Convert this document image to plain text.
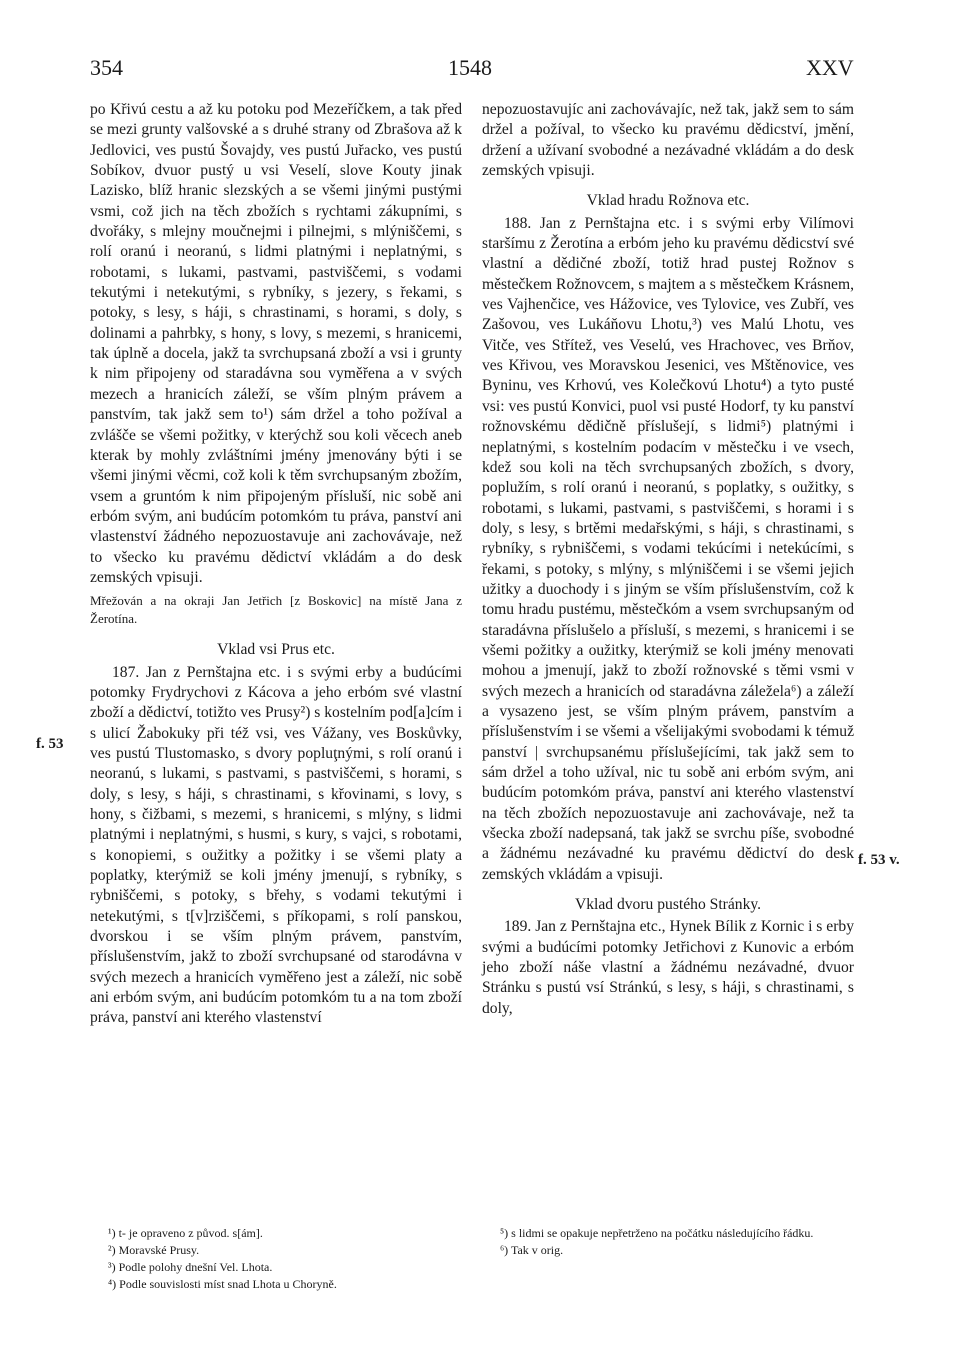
354	1548	XXV

po Křivú cestu a až ku potoku pod Mezeříčkem, a tak před se mezi grunty valšovské a s druhé strany od Zbrašova až k Jedlovici, ves pustú Šovajdy, ves pustú Juřacko, ves pustú Sobíkov, dvuor pustý u vsi Veselí, slove Kouty jinak Lazisko, blíž hranic slezských a se všemi jinými pustými vsmi, což jich na těch zbožích s rychtami zákupními, s dvořáky, s mlejny moučnejmi i pilnejmi, s mlýniščemi, s rolí oranú i neoranú, s lidmi platnými i neplatnými, s robotami, s lukami, pastvami, pastviščemi, s vodami tekutými i netekutými, s rybníky, s jezery, s řekami, s potoky, s lesy, s háji, s chrastinami, s horami, s doly, s dolinami a pahrbky, s hony, s lovy, s mezemi, s hranicemi, tak úplně a docela, jakž ta svrchupsaná zboží a vsi i grunty k nim připojeny od staradávna sou vyměřena a v svých mezech a hranicích záleží, se vším plným právem a panstvím, tak jakž sem to¹) sám držel a toho požíval a zvlášče se všemi požitky, v kterýchž sou koli věcech aneb kterak by mohly zvláštními jmény jmenovány býti i se všemi jinými věcmi, což koli k těm svrchupsaným zbožím, vsem a gruntóm k nim připojeným přísluší, nic sobě ani erbóm svým, ani budúcím potomkóm tu práva, panství ani vlastenství žádného nepozuostavuje ani zachovávaje, než to všecko ku pravému dědictví vkládám a do desk zemských vpisuji.

Mřežován a na okraji Jan Jetřich [z Boskovic] na místě Jana z Žerotína.

Vklad vsi Prus etc.

187. Jan z Pernštajna etc. i s svými erby a budúcími potomky Frydrychovi z Kácova a jeho erbóm své vlastní zboží a dědictví, totižto ves Prusy²) s kostelním pod[a]cím i s ulicí Žabokuky při též vsi, ves Vážany, ves Boskůvky, ves pustú Tlustomasko, s dvory popluţnými, s rolí oranú i neoranú, s lukami, s pastvami, s pastviščemi, s horami, s doly, s lesy, s háji, s chrastinami, s křovinami, s lovy, s hony, s čižbami, s mezemi, s hranicemi, s mlýny, s lidmi platnými i neplatnými, s husmi, s kury, s vajci, s robotami, s konopiemi, s oužitky a požitky i se všemi platy a poplatky, kterýmiž se koli jmény jmenují, s rybníky, s rybniščemi, s potoky, s břehy, s vodami tekutými i netekutými, s t[v]rziščemi, s příkopami, s rolí panskou, dvorskou i se vším plným právem, panstvím, příslušenstvím, jakž to zboží svrchupsané od starodávna v svých mezech a hranicích vyměřeno jest a záleží, nic sobě ani erbóm svým, ani budúcím potomkóm tu a na tom zboží práva, panství ani kterého vlastenství

nepozuostavujíc ani zachovávajíc, než tak, jakž sem to sám držel a požíval, to všecko ku pravému dědicství, jmění, držení a užívaní svobodné a nezávadné vkládám a do desk zemských vpisuji.

Vklad hradu Rožnova etc.

188. Jan z Pernštajna etc. i s svými erby Vilímovi staršímu z Žerotína a erbóm jeho ku pravému dědicství své vlastní a dědičné zboží, totiž hrad pustej Rožnov s městečkem Rožnovcem, s majtem a s městečkem Krásnem, ves Vajhenčice, ves Hážovice, ves Tylovice, ves Zubří, ves Zašovou, ves Lukáňovu Lhotu,³) ves Malú Lhotu, ves Vitče, ves Střítež, ves Veselú, ves Hrachovec, ves Brňov, ves Křivou, ves Moravskou Jesenici, ves Mštěnovice, ves Byninu, ves Krhovú, ves Kolečkovú Lhotu⁴) a tyto pusté vsi: ves pustú Konvici, puol vsi pusté Hodorf, ty ku panství rožnovskému dědičně příslušejí, s lidmi⁵) platnými i neplatnými, s kostelním podacím v městečku i ve vsech, kdež sou koli na těch svrchupsaných zbožích, s dvory, poplužím, s rolí oranú i neoranú, s poplatky, s oužitky, s robotami, s lukami, pastvami, s pastviščemi, s horami i s doly, s lesy, s brtěmi medařskými, s háji, s chrastinami, s rybníky, s rybniščemi, s vodami tekúcími i netekúcími, s řekami, s potoky, s mlýny, s mlýniščemi i se všemi jejich užitky a duochody i s jiným se vším příslušenstvím, což k tomu hradu pustému, městečkóm a vsem svrchupsaným od staradávna příslušelo a přísluší, s mezemi, s hranicemi i se všemi požitky a oužitky, kterýmiž se koli jmény menovati mohou a jmenují, jakž to zboží rožnovské s těmi vsmi v svých mezech a hranicích od staradávna záleželа⁶) a záleží a vysazeno jest, se vším plným právem, panstvím a příslušenstvím i se všemi a všelijakými svobodami k témuž panství | svrchupsanému příslušejícími, tak jakž sem to sám držel a toho užíval, nic tu sobě ani erbóm svým, ani budúcím potomkóm práva, panství ani kterého vlastenství na těch zbožích nepozuostavuje ani zachovávaje, než ta všecka zboží nadepsaná, tak jakž se svrchu píše, svobodné a žádnému nezávadné ku pravému dědictví do desk zemských vkládám a vpisuji.

Vklad dvoru pustého Stránky.

189. Jan z Pernštajna etc., Hynek Bílik z Kornic i s erby svými a budúcími potomky Jetřichovi z Kunovic a erbóm jeho zboží náše vlastní a žádnému nezávadné, dvuor Stránku s pustú vsí Stránkú, s lesy, s háji, s chrastinami, s doly,

f. 53
f. 53 v.
¹) t- je opraveno z původ. s[ám].
²) Moravské Prusy.
³) Podle polohy dnešní Vel. Lhota.
⁴) Podle souvislosti míst snad Lhota u Choryně.
⁵) s lidmi se opakuje nepřetrženo na počátku následujícího řádku.
⁶) Tak v orig.
